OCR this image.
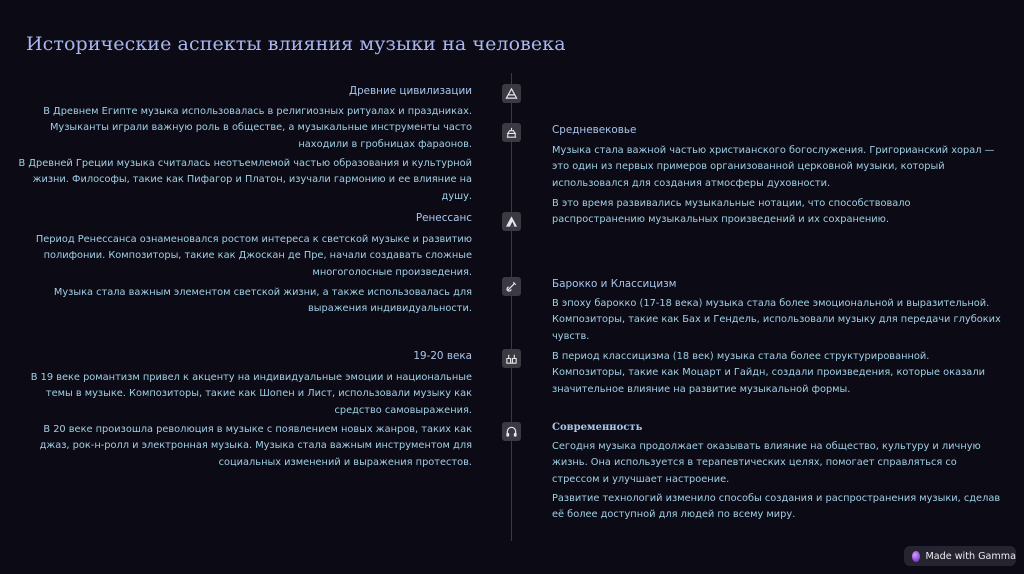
Исторические аспекты влияния музыки на человека
Древние цивилизации
В Древнем Египте музыка использовалась в религиозных ритуалах и праздниках. Музыканты играли важную роль в обществе, а музыкальные инструменты часто находили в гробницах фараонов.
В Древней Греции музыка считалась неотъемлемой частью образования и культурной жизни. Философы, такие как Пифагор и Платон, изучали гармонию и ее влияние на душу.
Средневековье
Музыка стала важной частью христианского богослужения. Григорианский хорал — это один из первых примеров организованной церковной музыки, который использовался для создания атмосферы духовности.
В это время развивались музыкальные нотации, что способствовало распространению музыкальных произведений и их сохранению.
Ренессанс
Период Ренессанса ознаменовался ростом интереса к светской музыке и развитию полифонии. Композиторы, такие как Джоскан де Пре, начали создавать сложные многоголосные произведения.
Музыка стала важным элементом светской жизни, а также использовалась для выражения индивидуальности.
Барокко и Классицизм
В эпоху барокко (17-18 века) музыка стала более эмоциональной и выразительной. Композиторы, такие как Бах и Гендель, использовали музыку для передачи глубоких чувств.
В период классицизма (18 век) музыка стала более структурированной. Композиторы, такие как Моцарт и Гайдн, создали произведения, которые оказали значительное влияние на развитие музыкальной формы.
19-20 века
В 19 веке романтизм привел к акценту на индивидуальные эмоции и национальные темы в музыке. Композиторы, такие как Шопен и Лист, использовали музыку как средство самовыражения.
В 20 веке произошла революция в музыке с появлением новых жанров, таких как джаз, рок-н-ролл и электронная музыка. Музыка стала важным инструментом для социальных изменений и выражения протестов.
Современность
Сегодня музыка продолжает оказывать влияние на общество, культуру и личную жизнь. Она используется в терапевтических целях, помогает справляться со стрессом и улучшает настроение.
Развитие технологий изменило способы создания и распространения музыки, сделав её более доступной для людей по всему миру.
Made with Gamma
